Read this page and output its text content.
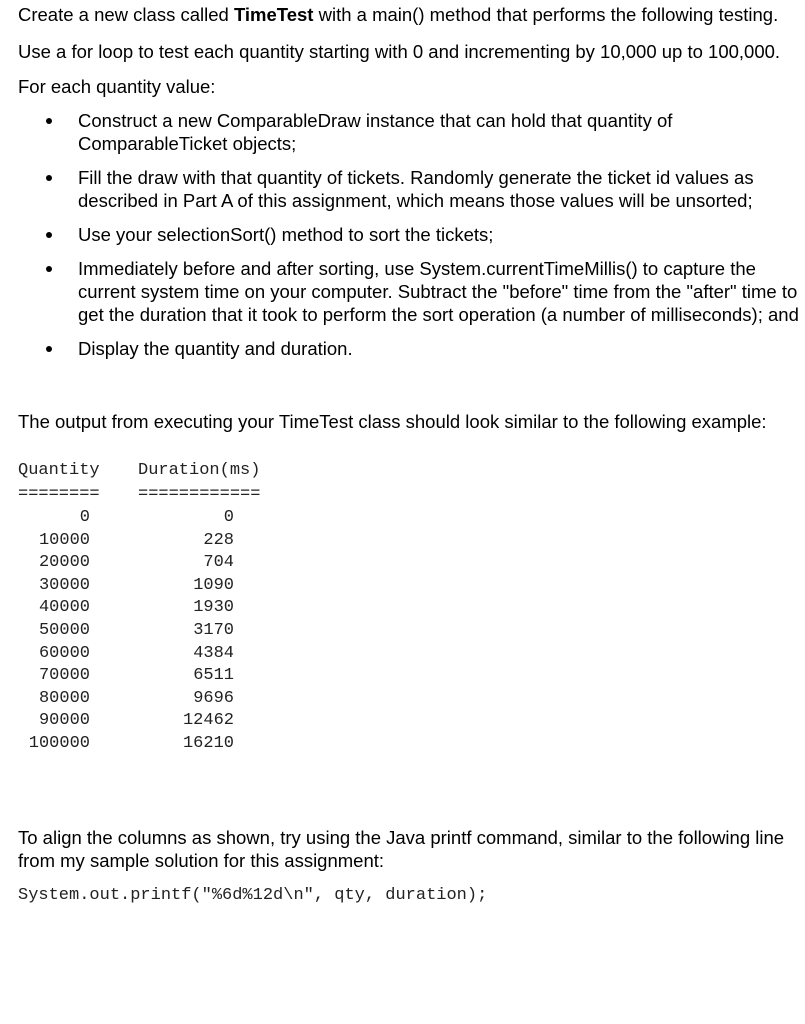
Create a new class called TimeTest with a main() method that performs the following testing.

Use a for loop to test each quantity starting with 0 and incrementing by 10,000 up to 100,000.

For each quantity value:

Construct a new ComparableDraw instance that can hold that quantity of ComparableTicket objects;
Fill the draw with that quantity of tickets. Randomly generate the ticket id values as described in Part A of this assignment, which means those values will be unsorted;
Use your selectionSort() method to sort the tickets;
Immediately before and after sorting, use System.currentTimeMillis() to capture the current system time on your computer. Subtract the "before" time from the "after" time to get the duration that it took to perform the sort operation (a number of milliseconds); and
Display the quantity and duration.

The output from executing your TimeTest class should look similar to the following example:

Quantity	Duration(ms)
========	============
0	0
10000	228
20000	704
30000	1090
40000	1930
50000	3170
60000	4384
70000	6511
80000	9696
90000	12462
100000	16210

To align the columns as shown, try using the Java printf command, similar to the following line from my sample solution for this assignment:

System.out.printf("%6d%12d\n", qty, duration);
